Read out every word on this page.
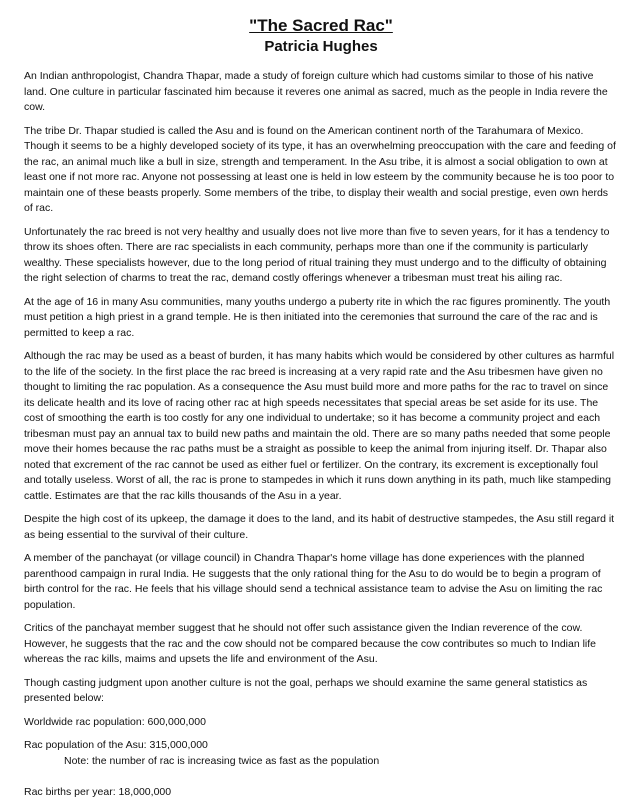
"The Sacred Rac"
Patricia Hughes

An Indian anthropologist, Chandra Thapar, made a study of foreign culture which had customs similar to those of his native land. One culture in particular fascinated him because it reveres one animal as sacred, much as the people in India revere the cow.

The tribe Dr. Thapar studied is called the Asu and is found on the American continent north of the Tarahumara of Mexico. Though it seems to be a highly developed society of its type, it has an overwhelming preoccupation with the care and feeding of the rac, an animal much like a bull in size, strength and temperament. In the Asu tribe, it is almost a social obligation to own at least one if not more rac. Anyone not possessing at least one is held in low esteem by the community because he is too poor to maintain one of these beasts properly. Some members of the tribe, to display their wealth and social prestige, even own herds of rac.

Unfortunately the rac breed is not very healthy and usually does not live more than five to seven years, for it has a tendency to throw its shoes often. There are rac specialists in each community, perhaps more than one if the community is particularly wealthy. These specialists however, due to the long period of ritual training they must undergo and to the difficulty of obtaining the right selection of charms to treat the rac, demand costly offerings whenever a tribesman must treat his ailing rac.

At the age of 16 in many Asu communities, many youths undergo a puberty rite in which the rac figures prominently. The youth must petition a high priest in a grand temple. He is then initiated into the ceremonies that surround the care of the rac and is permitted to keep a rac.

Although the rac may be used as a beast of burden, it has many habits which would be considered by other cultures as harmful to the life of the society. In the first place the rac breed is increasing at a very rapid rate and the Asu tribesmen have given no thought to limiting the rac population. As a consequence the Asu must build more and more paths for the rac to travel on since its delicate health and its love of racing other rac at high speeds necessitates that special areas be set aside for its use. The cost of smoothing the earth is too costly for any one individual to undertake; so it has become a community project and each tribesman must pay an annual tax to build new paths and maintain the old. There are so many paths needed that some people move their homes because the rac paths must be a straight as possible to keep the animal from injuring itself. Dr. Thapar also noted that excrement of the rac cannot be used as either fuel or fertilizer. On the contrary, its excrement is exceptionally foul and totally useless. Worst of all, the rac is prone to stampedes in which it runs down anything in its path, much like stampeding cattle. Estimates are that the rac kills thousands of the Asu in a year.

Despite the high cost of its upkeep, the damage it does to the land, and its habit of destructive stampedes, the Asu still regard it as being essential to the survival of their culture.

A member of the panchayat (or village council) in Chandra Thapar's home village has done experiences with the planned parenthood campaign in rural India. He suggests that the only rational thing for the Asu to do would be to begin a program of birth control for the rac. He feels that his village should send a technical assistance team to advise the Asu on limiting the rac population.

Critics of the panchayat member suggest that he should not offer such assistance given the Indian reverence of the cow. However, he suggests that the rac and the cow should not be compared because the cow contributes so much to Indian life whereas the rac kills, maims and upsets the life and environment of the Asu.

Though casting judgment upon another culture is not the goal, perhaps we should examine the same general statistics as presented below:

Worldwide rac population: 600,000,000

Rac population of the Asu: 315,000,000

Note: the number of rac is increasing twice as fast as the population

Rac births per year: 18,000,000
